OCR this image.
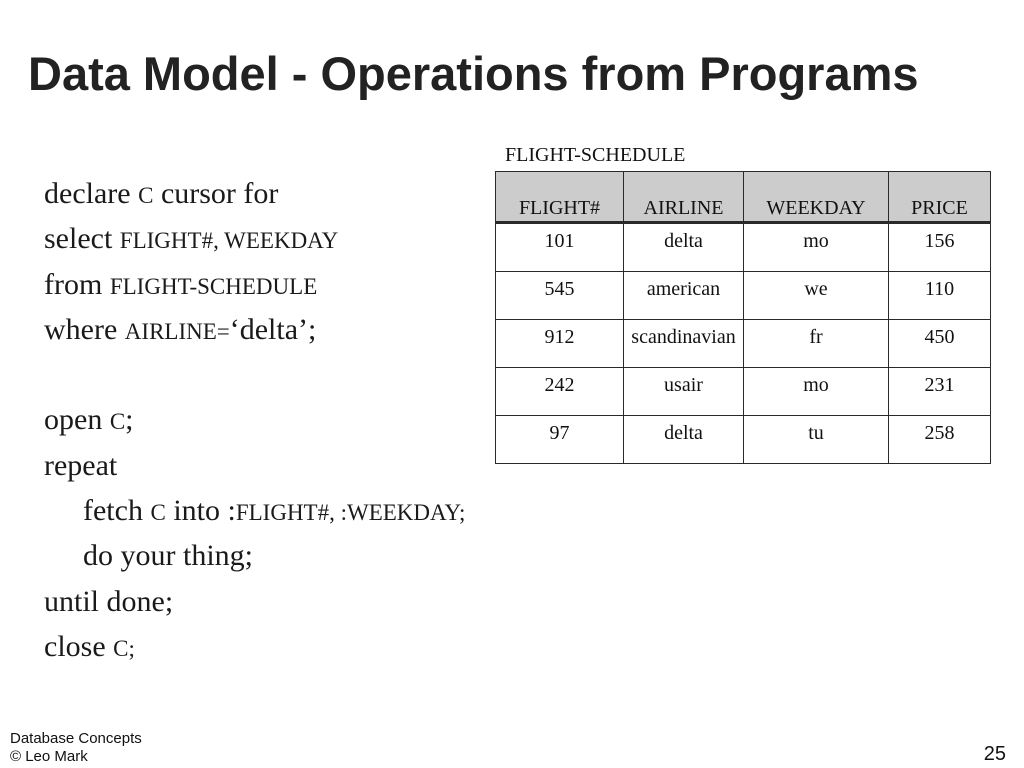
Data Model - Operations from Programs
declare C cursor for
select FLIGHT#, WEEKDAY
from FLIGHT-SCHEDULE
where AIRLINE=‘delta’;

open C;
repeat
fetch C into :FLIGHT#, :WEEKDAY;
do your thing;
until done;
close C;
FLIGHT-SCHEDULE
FLIGHT#	AIRLINE	WEEKDAY	PRICE
101	delta	mo	156
545	american	we	110
912	scandinavian	fr	450
242	usair	mo	231
97	delta	tu	258
Database Concepts
© Leo Mark	25
